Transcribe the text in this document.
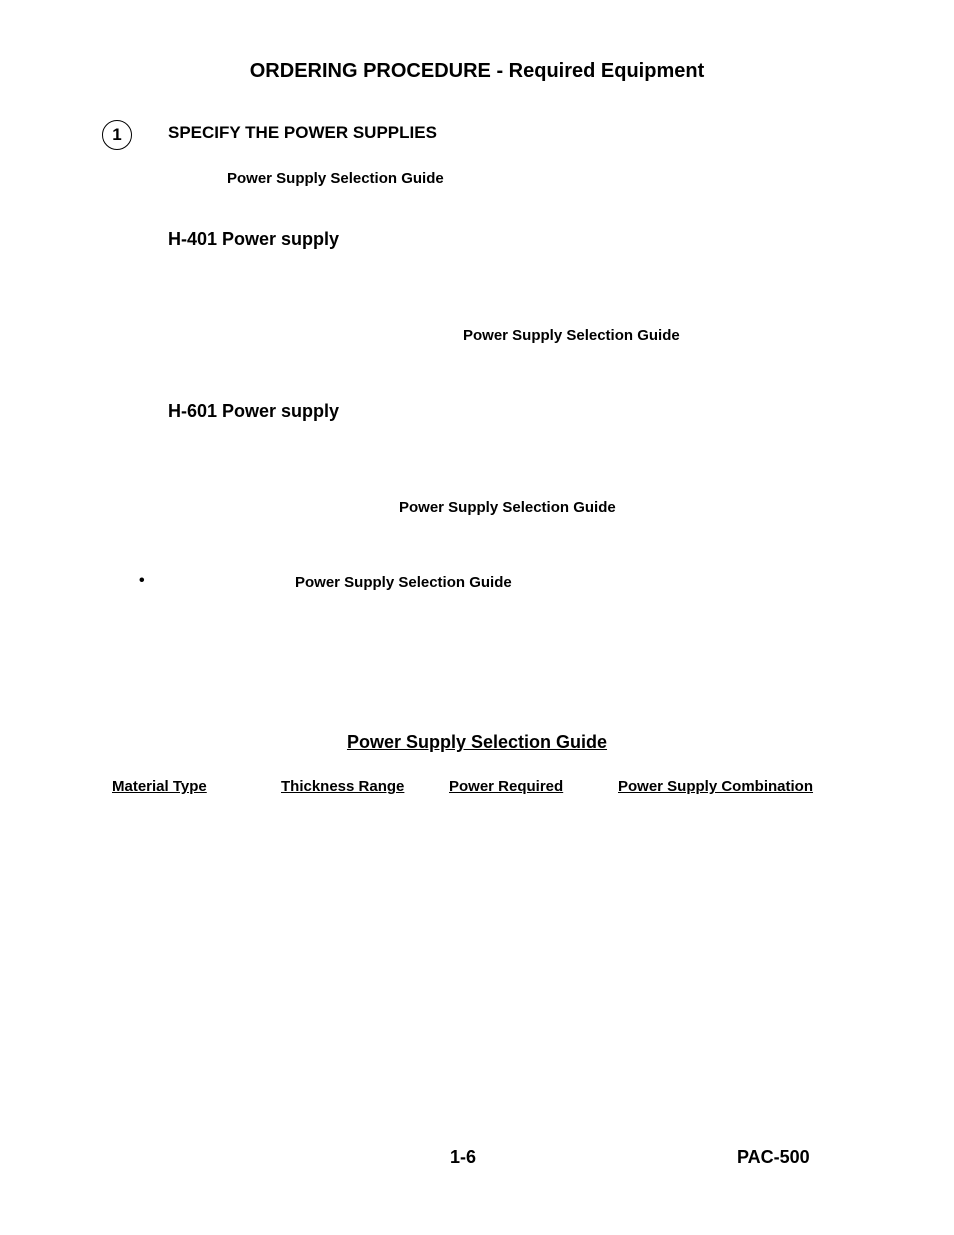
ORDERING PROCEDURE - Required Equipment
1	SPECIFY THE POWER SUPPLIES
Power Supply Selection Guide
H-401 Power supply
Power Supply Selection Guide
H-601 Power supply
Power Supply Selection Guide
•	Power Supply Selection Guide
Power Supply Selection Guide
Material Type	Thickness Range	Power Required	Power Supply Combination
1-6	PAC-500
